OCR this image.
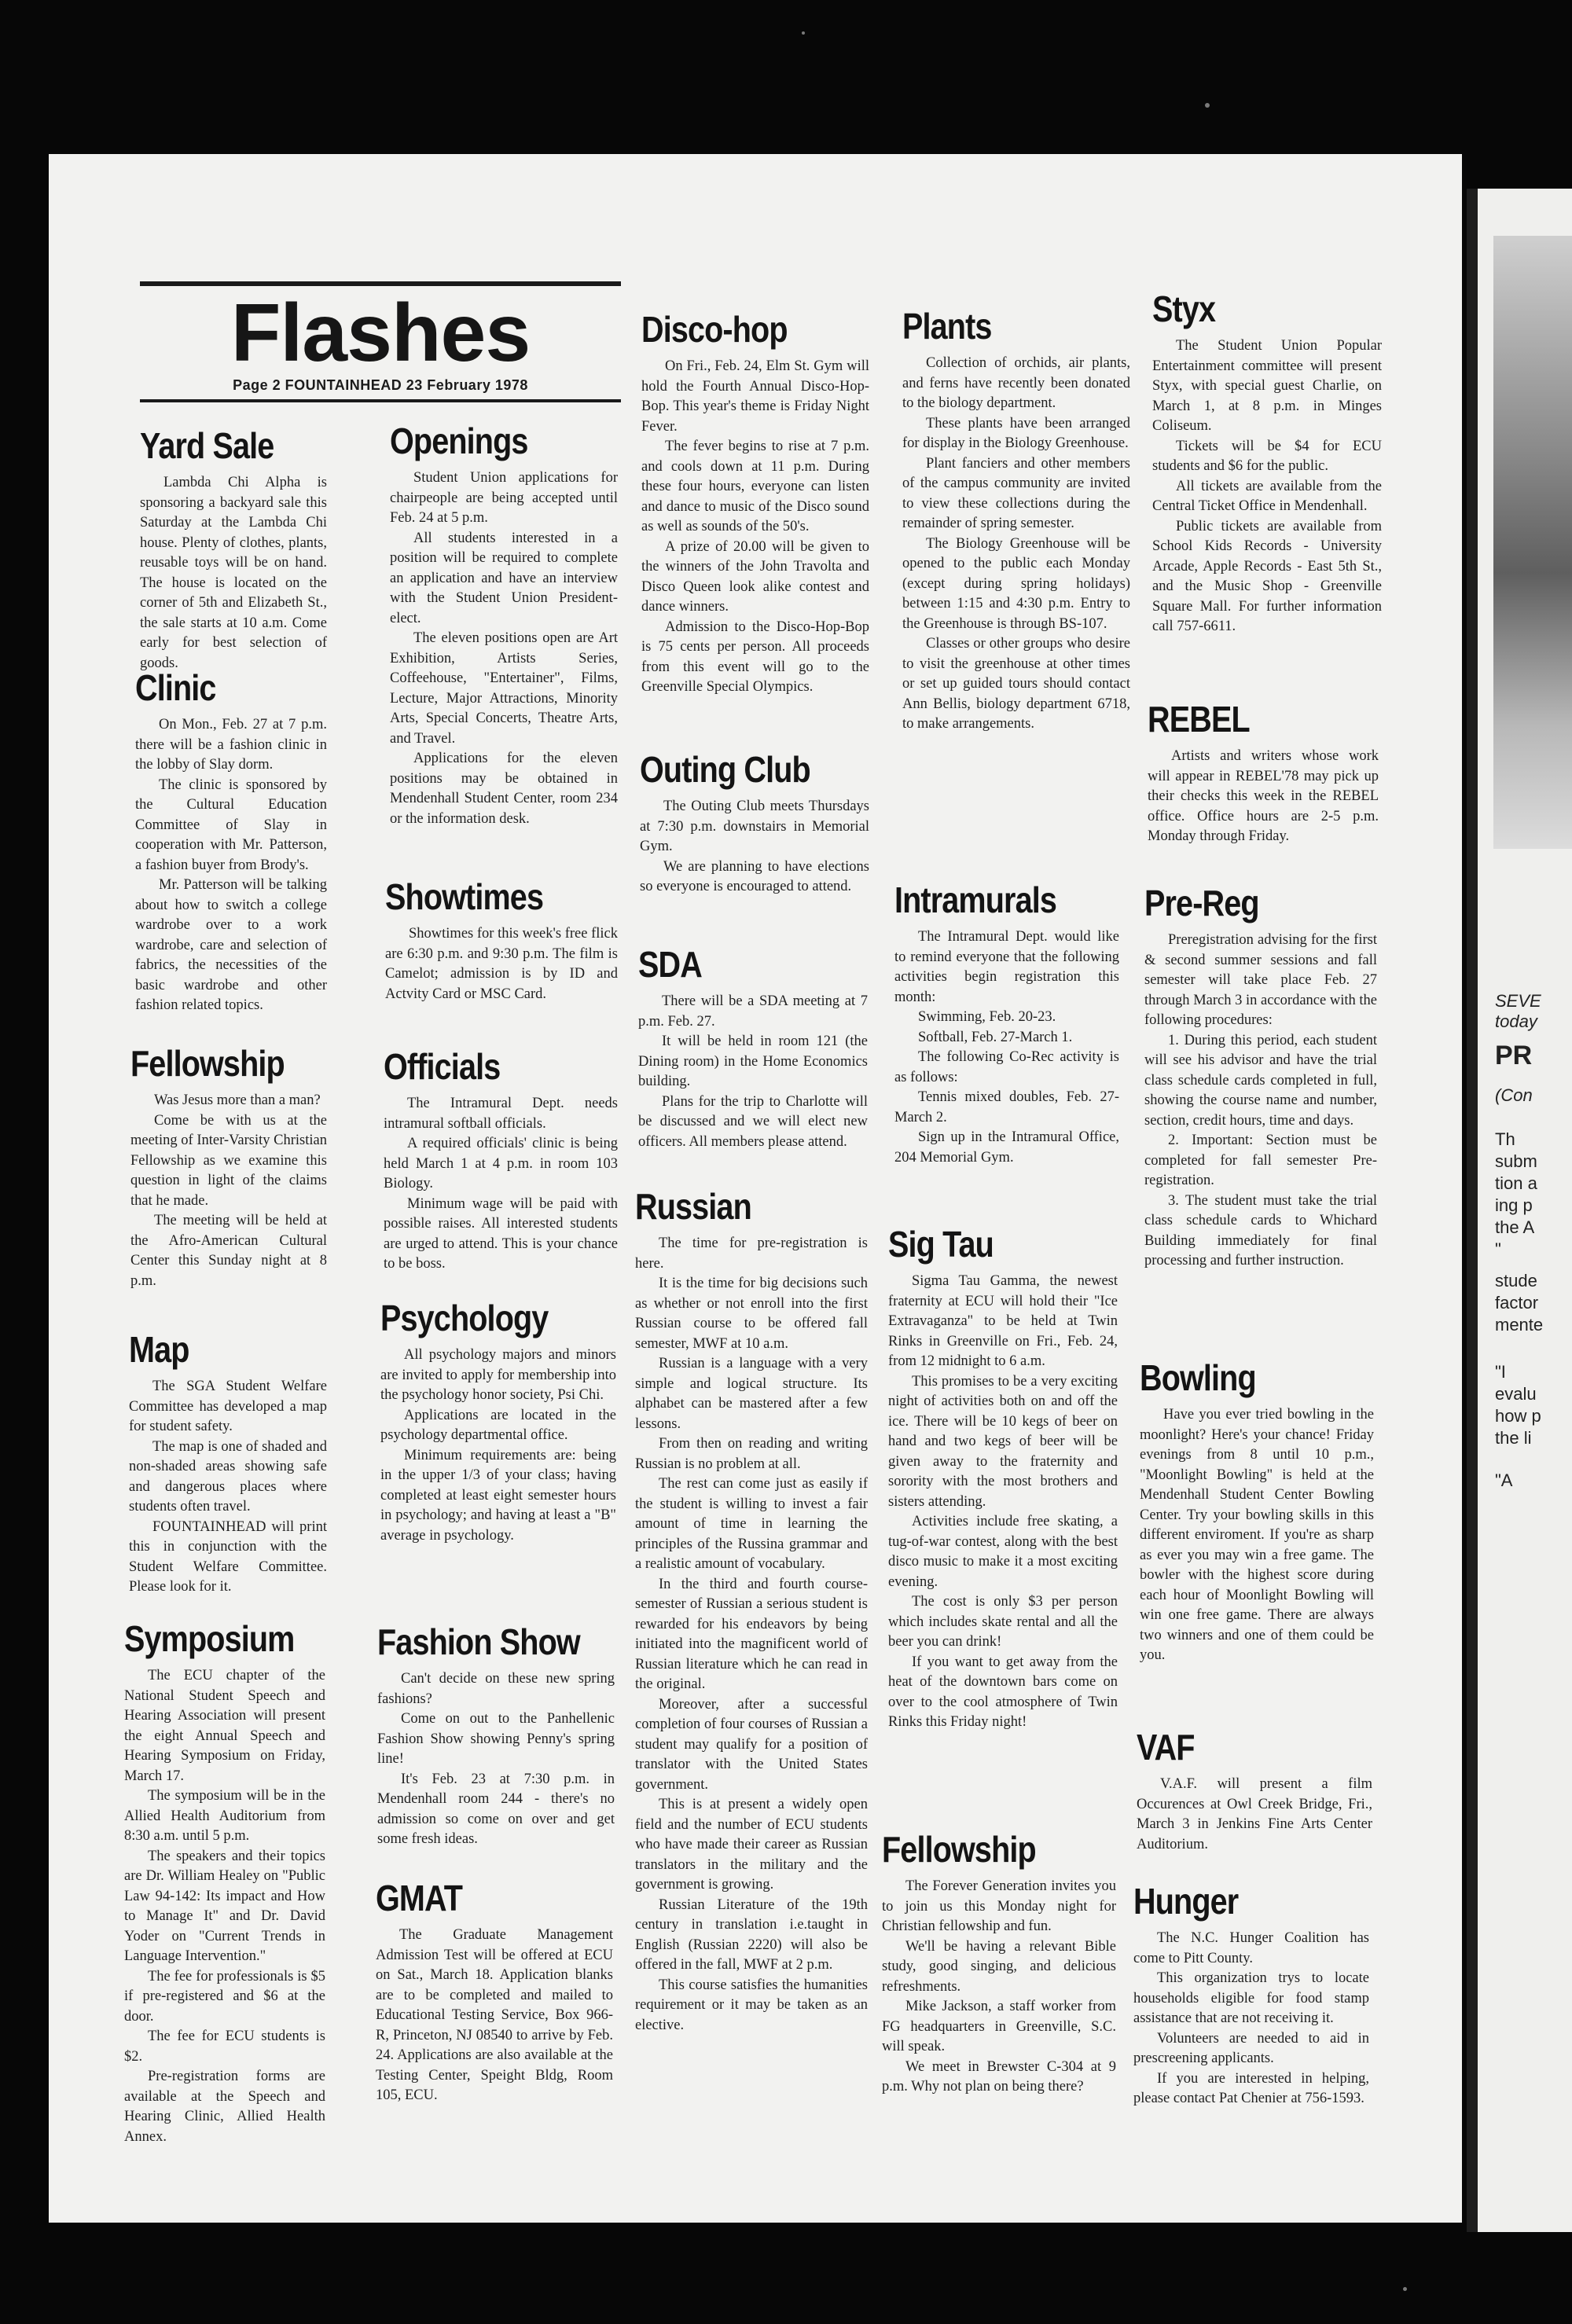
SEVE
today
PR
(Con
Th
subm
tion a
ing p
the A
"
stude
factor
mente
"I
evalu
how p
the li
"A
Flashes
Page 2 FOUNTAINHEAD 23 February 1978
Yard Sale

Lambda Chi Alpha is sponsoring a backyard sale this Saturday at the Lambda Chi house. Plenty of clothes, plants, reusable toys will be on hand. The house is located on the corner of 5th and Elizabeth St., the sale starts at 10 a.m. Come early for best selection of goods.

Clinic

On Mon., Feb. 27 at 7 p.m. there will be a fashion clinic in the lobby of Slay dorm.

The clinic is sponsored by the Cultural Education Committee of Slay in cooperation with Mr. Patterson, a fashion buyer from Brody's.

Mr. Patterson will be talking about how to switch a college wardrobe over to a work wardrobe, care and selection of fabrics, the necessities of the basic wardrobe and other fashion related topics.

Fellowship

Was Jesus more than a man?

Come be with us at the meeting of Inter-Varsity Christian Fellowship as we examine this question in light of the claims that he made.

The meeting will be held at the Afro-American Cultural Center this Sunday night at 8 p.m.

Map

The SGA Student Welfare Committee has developed a map for student safety.

The map is one of shaded and non-shaded areas showing safe and dangerous places where students often travel.

FOUNTAINHEAD will print this in conjunction with the Student Welfare Committee. Please look for it.

Symposium

The ECU chapter of the National Student Speech and Hearing Association will present the eight Annual Speech and Hearing Symposium on Friday, March 17.

The symposium will be in the Allied Health Auditorium from 8:30 a.m. until 5 p.m.

The speakers and their topics are Dr. William Healey on "Public Law 94-142: Its impact and How to Manage It" and Dr. David Yoder on "Current Trends in Language Intervention."

The fee for professionals is $5 if pre-registered and $6 at the door.

The fee for ECU students is $2.

Pre-registration forms are available at the Speech and Hearing Clinic, Allied Health Annex.

Openings

Student Union applications for chairpeople are being accepted until Feb. 24 at 5 p.m.

All students interested in a position will be required to complete an application and have an interview with the Student Union President-elect.

The eleven positions open are Art Exhibition, Artists Series, Coffeehouse, "Entertainer", Films, Lecture, Major Attractions, Minority Arts, Special Concerts, Theatre Arts, and Travel.

Applications for the eleven positions may be obtained in Mendenhall Student Center, room 234 or the information desk.

Showtimes

Showtimes for this week's free flick are 6:30 p.m. and 9:30 p.m. The film is Camelot; admission is by ID and Actvity Card or MSC Card.

Officials

The Intramural Dept. needs intramural softball officials.

A required officials' clinic is being held March 1 at 4 p.m. in room 103 Biology.

Minimum wage will be paid with possible raises. All interested students are urged to attend. This is your chance to be boss.

Psychology

All psychology majors and minors are invited to apply for membership into the psychology honor society, Psi Chi.

Applications are located in the psychology departmental office.

Minimum requirements are: being in the upper 1/3 of your class; having completed at least eight semester hours in psychology; and having at least a "B" average in psychology.

Fashion Show

Can't decide on these new spring fashions?

Come on out to the Panhellenic Fashion Show showing Penny's spring line!

It's Feb. 23 at 7:30 p.m. in Mendenhall room 244 - there's no admission so come on over and get some fresh ideas.

GMAT

The Graduate Management Admission Test will be offered at ECU on Sat., March 18. Application blanks are to be completed and mailed to Educational Testing Service, Box 966-R, Princeton, NJ 08540 to arrive by Feb. 24. Applications are also available at the Testing Center, Speight Bldg, Room 105, ECU.

Disco-hop

On Fri., Feb. 24, Elm St. Gym will hold the Fourth Annual Disco-Hop-Bop. This year's theme is Friday Night Fever.

The fever begins to rise at 7 p.m. and cools down at 11 p.m. During these four hours, everyone can listen and dance to music of the Disco sound as well as sounds of the 50's.

A prize of 20.00 will be given to the winners of the John Travolta and Disco Queen look alike contest and dance winners.

Admission to the Disco-Hop-Bop is 75 cents per person. All proceeds from this event will go to the Greenville Special Olympics.

Outing Club

The Outing Club meets Thursdays at 7:30 p.m. downstairs in Memorial Gym.

We are planning to have elections so everyone is encouraged to attend.

SDA

There will be a SDA meeting at 7 p.m. Feb. 27.

It will be held in room 121 (the Dining room) in the Home Economics building.

Plans for the trip to Charlotte will be discussed and we will elect new officers. All members please attend.

Russian

The time for pre-registration is here.

It is the time for big decisions such as whether or not enroll into the first Russian course to be offered fall semester, MWF at 10 a.m.

Russian is a language with a very simple and logical structure. Its alphabet can be mastered after a few lessons.

From then on reading and writing Russian is no problem at all.

The rest can come just as easily if the student is willing to invest a fair amount of time in learning the principles of the Russina grammar and a realistic amount of vocabulary.

In the third and fourth course-semester of Russian a serious student is rewarded for his endeavors by being initiated into the magnificent world of Russian literature which he can read in the original.

Moreover, after a successful completion of four courses of Russian a student may qualify for a position of translator with the United States government.

This is at present a widely open field and the number of ECU students who have made their career as Russian translators in the military and the government is growing.

Russian Literature of the 19th century in translation i.e.taught in English (Russian 2220) will also be offered in the fall, MWF at 2 p.m.

This course satisfies the humanities requirement or it may be taken as an elective.

Plants

Collection of orchids, air plants, and ferns have recently been donated to the biology department.

These plants have been arranged for display in the Biology Greenhouse.

Plant fanciers and other members of the campus community are invited to view these collections during the remainder of spring semester.

The Biology Greenhouse will be opened to the public each Monday (except during spring holidays) between 1:15 and 4:30 p.m. Entry to the Greenhouse is through BS-107.

Classes or other groups who desire to visit the greenhouse at other times or set up guided tours should contact Ann Bellis, biology department 6718, to make arrangements.

Intramurals

The Intramural Dept. would like to remind everyone that the following activities begin registration this month:

Swimming, Feb. 20-23.

Softball, Feb. 27-March 1.

The following Co-Rec activity is as follows:

Tennis mixed doubles, Feb. 27-March 2.

Sign up in the Intramural Office, 204 Memorial Gym.

Sig Tau

Sigma Tau Gamma, the newest fraternity at ECU will hold their "Ice Extravaganza" to be held at Twin Rinks in Greenville on Fri., Feb. 24, from 12 midnight to 6 a.m.

This promises to be a very exciting night of activities both on and off the ice. There will be 10 kegs of beer on hand and two kegs of beer will be given away to the fraternity and sorority with the most brothers and sisters attending.

Activities include free skating, a tug-of-war contest, along with the best disco music to make it a most exciting evening.

The cost is only $3 per person which includes skate rental and all the beer you can drink!

If you want to get away from the heat of the downtown bars come on over to the cool atmosphere of Twin Rinks this Friday night!

Fellowship

The Forever Generation invites you to join us this Monday night for Christian fellowship and fun.

We'll be having a relevant Bible study, good singing, and delicious refreshments.

Mike Jackson, a staff worker from FG headquarters in Greenville, S.C. will speak.

We meet in Brewster C-304 at 9 p.m. Why not plan on being there?

Styx

The Student Union Popular Entertainment committee will present Styx, with special guest Charlie, on March 1, at 8 p.m. in Minges Coliseum.

Tickets will be $4 for ECU students and $6 for the public.

All tickets are available from the Central Ticket Office in Mendenhall.

Public tickets are available from School Kids Records - University Arcade, Apple Records - East 5th St., and the Music Shop - Greenville Square Mall. For further information call 757-6611.

REBEL

Artists and writers whose work will appear in REBEL'78 may pick up their checks this week in the REBEL office. Office hours are 2-5 p.m. Monday through Friday.

Pre-Reg

Preregistration advising for the first & second summer sessions and fall semester will take place Feb. 27 through March 3 in accordance with the following procedures:

1. During this period, each student will see his advisor and have the trial class schedule cards completed in full, showing the course name and number, section, credit hours, time and days.

2. Important: Section must be completed for fall semester Pre-registration.

3. The student must take the trial class schedule cards to Whichard Building immediately for final processing and further instruction.

Bowling

Have you ever tried bowling in the moonlight? Here's your chance! Friday evenings from 8 until 10 p.m., "Moonlight Bowling" is held at the Mendenhall Student Center Bowling Center. Try your bowling skills in this different enviroment. If you're as sharp as ever you may win a free game. The bowler with the highest score during each hour of Moonlight Bowling will win one free game. There are always two winners and one of them could be you.

VAF

V.A.F. will present a film Occurences at Owl Creek Bridge, Fri., March 3 in Jenkins Fine Arts Center Auditorium.

Hunger

The N.C. Hunger Coalition has come to Pitt County.

This organization trys to locate households eligible for food stamp assistance that are not receiving it.

Volunteers are needed to aid in prescreening applicants.

If you are interested in helping, please contact Pat Chenier at 756-1593.
